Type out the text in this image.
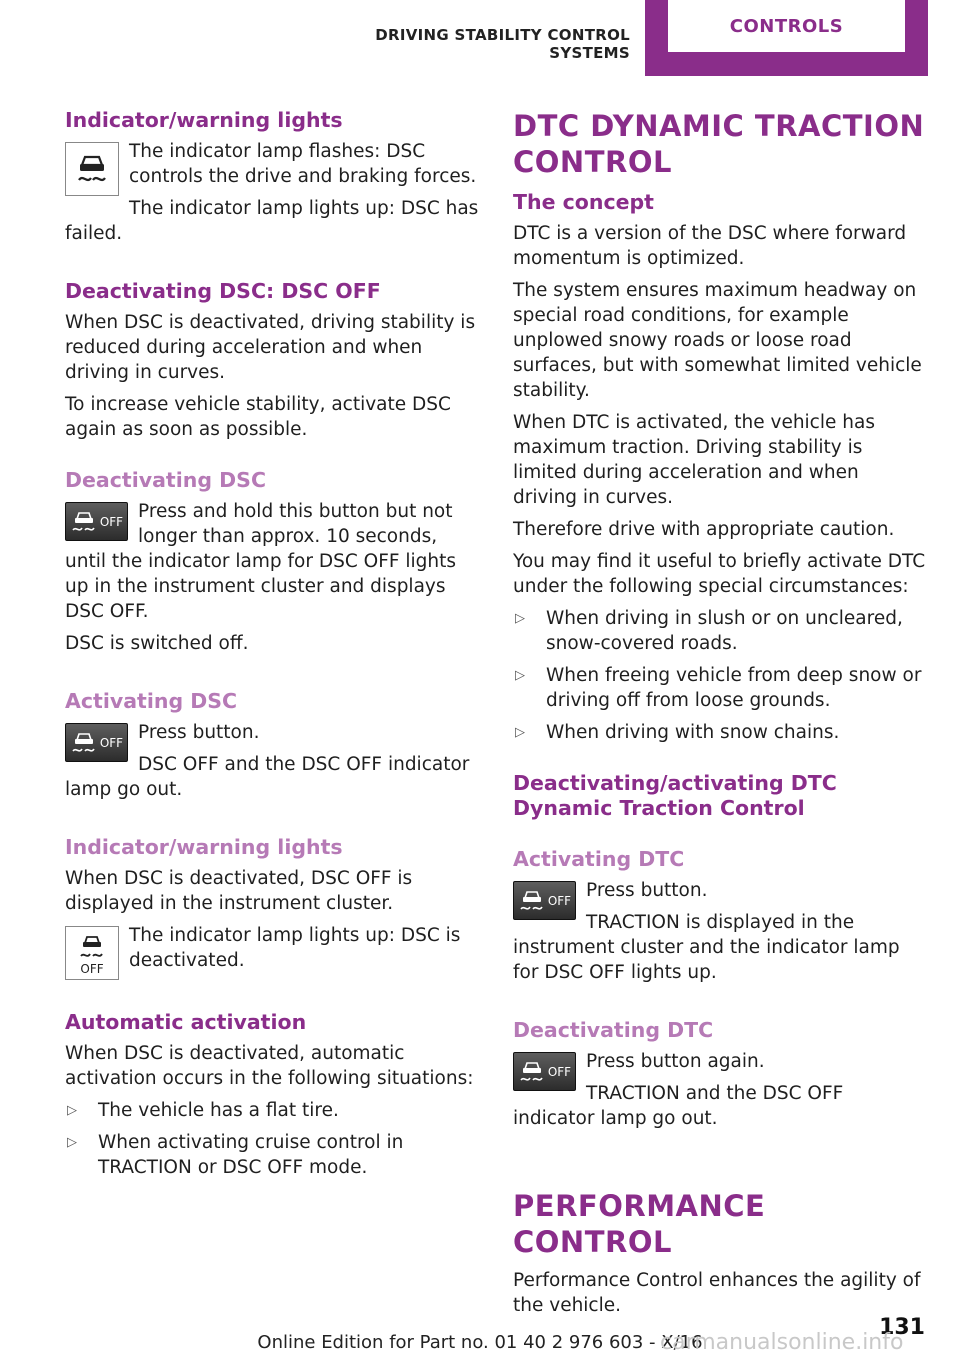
DRIVING STABILITY CONTROL SYSTEMS
CONTROLS
Indicator/warning lights

The indicator lamp flashes: DSC controls the drive and braking forces.

The indicator lamp lights up: DSC has failed.

Deactivating DSC: DSC OFF

When DSC is deactivated, driving stability is reduced during acceleration and when driving in curves.

To increase vehicle stability, activate DSC again as soon as possible.

Deactivating DSC
OFF Press and hold this button but not longer than approx. 10 seconds, until the indicator lamp for DSC OFF lights up in the instrument cluster and displays DSC OFF.

DSC is switched off.

Activating DSC
OFF Press button.

DSC OFF and the DSC OFF indicator lamp go out.

Indicator/warning lights

When DSC is deactivated, DSC OFF is displayed in the instrument cluster.

OFF

The indicator lamp lights up: DSC is deactivated.

Automatic activation

When DSC is deactivated, automatic activation occurs in the following situations:

▷ The vehicle has a flat tire.
▷ When activating cruise control in TRACTION or DSC OFF mode.
DTC DYNAMIC TRACTION CONTROL
The concept

DTC is a version of the DSC where forward momentum is optimized.

The system ensures maximum headway on special road conditions, for example unplowed snowy roads or loose road surfaces, but with somewhat limited vehicle stability.

When DTC is activated, the vehicle has maximum traction. Driving stability is limited during acceleration and when driving in curves.

Therefore drive with appropriate caution.

You may find it useful to briefly activate DTC under the following special circumstances:

▷ When driving in slush or on uncleared, snow-covered roads.
▷ When freeing vehicle from deep snow or driving off from loose grounds.
▷ When driving with snow chains.
Deactivating/activating DTC Dynamic Traction Control
Activating DTC
OFF Press button.

TRACTION is displayed in the instrument cluster and the indicator lamp for DSC OFF lights up.

Deactivating DTC
OFF Press button again.

TRACTION and the DSC OFF indicator lamp go out.

PERFORMANCE CONTROL

Performance Control enhances the agility of the vehicle.

131
Online Edition for Part no. 01 40 2 976 603 - X/16
carmanualsonline.info
